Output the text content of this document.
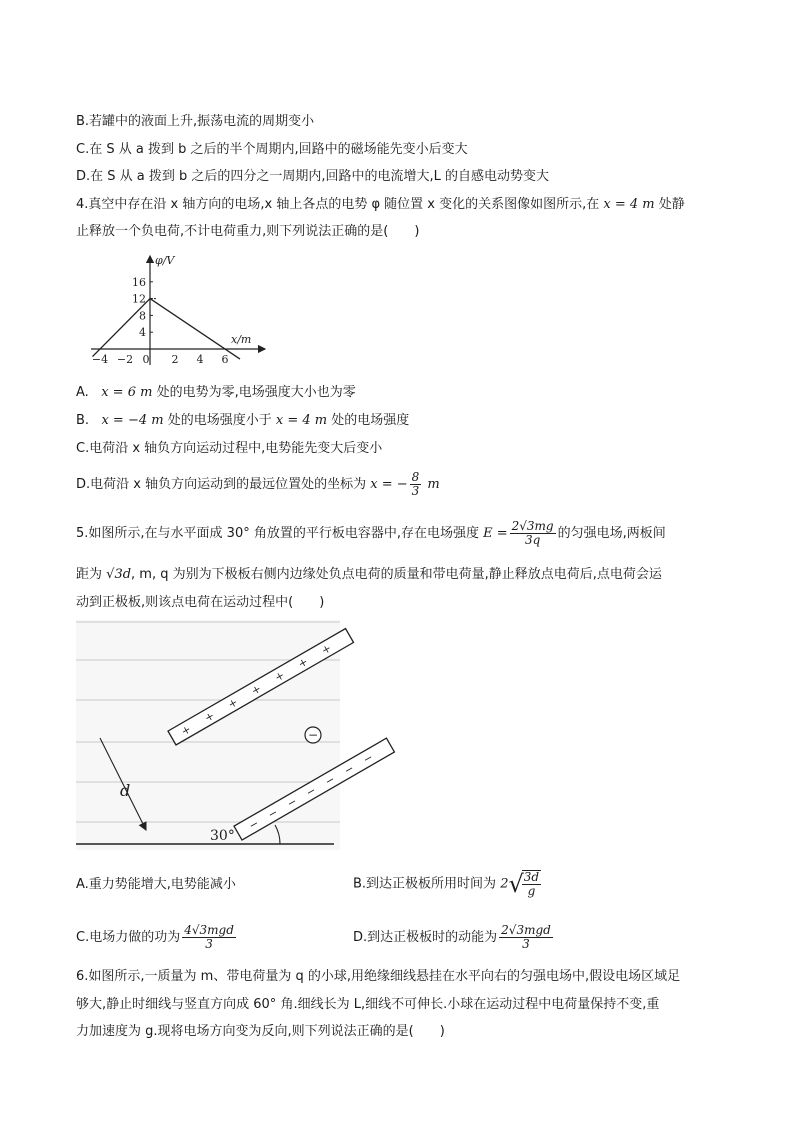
B.若罐中的液面上升,振荡电流的周期变小
C.在 S 从 a 拨到 b 之后的半个周期内,回路中的磁场能先变小后变大
D.在 S 从 a 拨到 b 之后的四分之一周期内,回路中的电流增大,L 的自感电动势变大
4.真空中存在沿 x 轴方向的电场,x 轴上各点的电势 φ 随位置 x 变化的关系图像如图所示,在 x = 4 m 处静
止释放一个负电荷,不计电荷重力,则下列说法正确的是(　　)
16
12
8
4
−4 −2 0 2 4 6
φ/V
x/m
A. x = 6 m 处的电势为零,电场强度大小也为零
B. x = −4 m 处的电场强度小于 x = 4 m 处的电场强度
C.电荷沿 x 轴负方向运动过程中,电势能先变大后变小
D.电荷沿 x 轴负方向运动到的最远位置处的坐标为 x = − $\frac{8}{3}$ m
5.如图所示,在与水平面成 30° 角放置的平行板电容器中,存在电场强度 $E = \frac{2√3mg}{3q}$ 的匀强电场,两板间
距为 √3d, m, q 为别为下极板右侧内边缘处负点电荷的质量和带电荷量,静止释放点电荷后,点电荷会运
动到正极板,则该点电荷在运动过程中(　　)
+
+
+
+
+
+
+
−
−
−
−
−
−
−
d
30°
−
A.重力势能增大,电势能减小	B.到达正极板所用时间为 2√
$\frac{3d}{g}$
C.电场力做的功为 $\frac{\text{4√3mgd}}{3}$	D.到达正极板时的动能为 $\frac{\text{2√3mgd}}{3}$
6.如图所示,一质量为 m、带电荷量为 q 的小球,用绝缘细线悬挂在水平向右的匀强电场中,假设电场区域足
够大,静止时细线与竖直方向成 60° 角.细线长为 L,细线不可伸长.小球在运动过程中电荷量保持不变,重
力加速度为 g.现将电场方向变为反向,则下列说法正确的是(　　)
